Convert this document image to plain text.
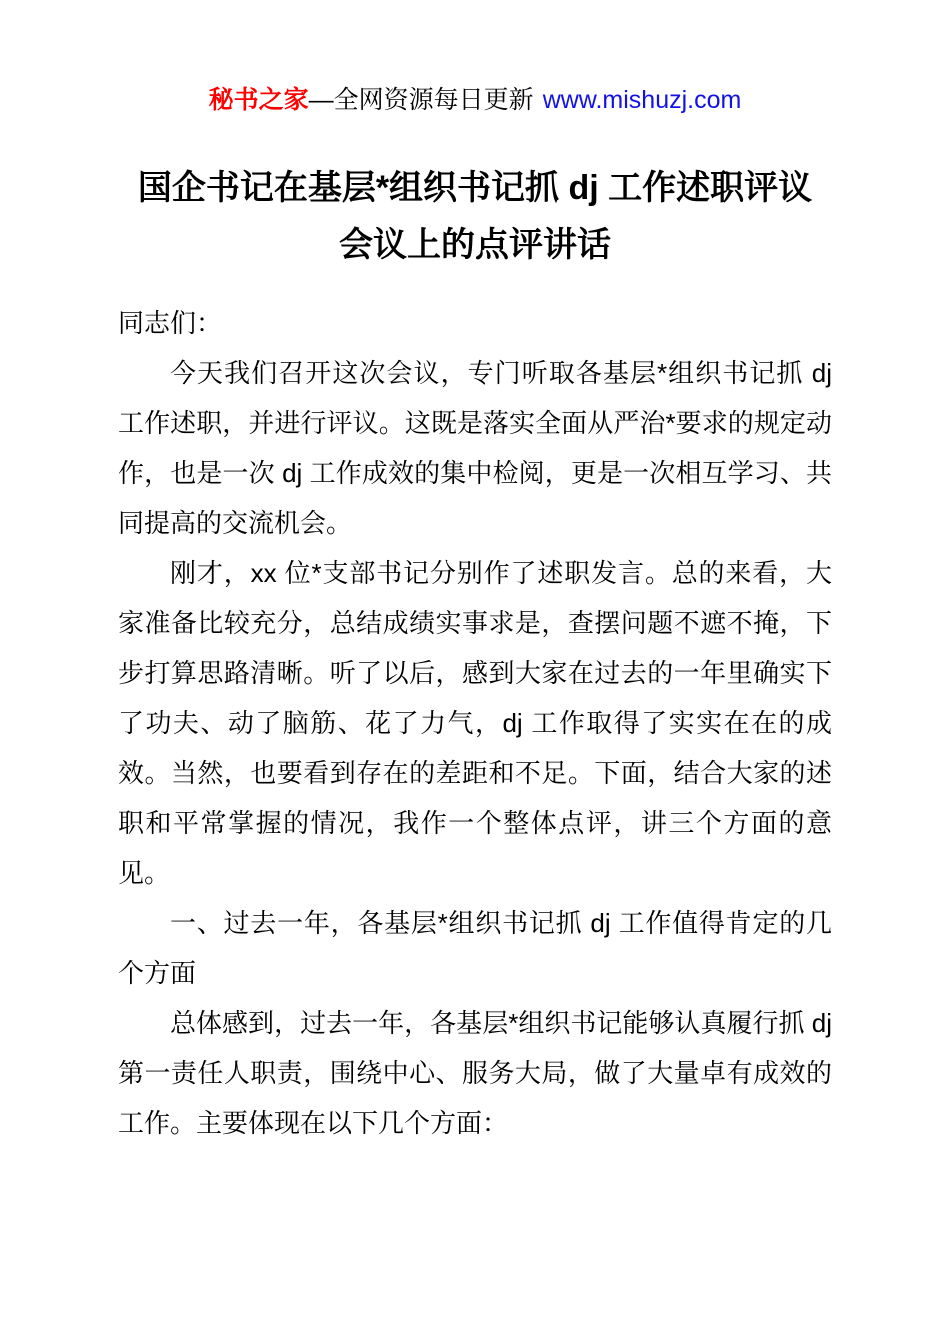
秘书之家—全网资源每日更新 www.mishuzj.com
国企书记在基层*组织书记抓 dj 工作述职评议
会议上的点评讲话

同志们：

今天我们召开这次会议，专门听取各基层*组织书记抓 dj 工作述职，并进行评议。这既是落实全面从严治*要求的规定动作，也是一次 dj 工作成效的集中检阅，更是一次相互学习、共同提高的交流机会。

刚才，xx 位*支部书记分别作了述职发言。总的来看，大家准备比较充分，总结成绩实事求是，查摆问题不遮不掩，下步打算思路清晰。听了以后，感到大家在过去的一年里确实下了功夫、动了脑筋、花了力气，dj 工作取得了实实在在的成效。当然，也要看到存在的差距和不足。下面，结合大家的述职和平常掌握的情况，我作一个整体点评，讲三个方面的意见。

一、过去一年，各基层*组织书记抓 dj 工作值得肯定的几个方面

总体感到，过去一年，各基层*组织书记能够认真履行抓 dj 第一责任人职责，围绕中心、服务大局，做了大量卓有成效的工作。主要体现在以下几个方面：
